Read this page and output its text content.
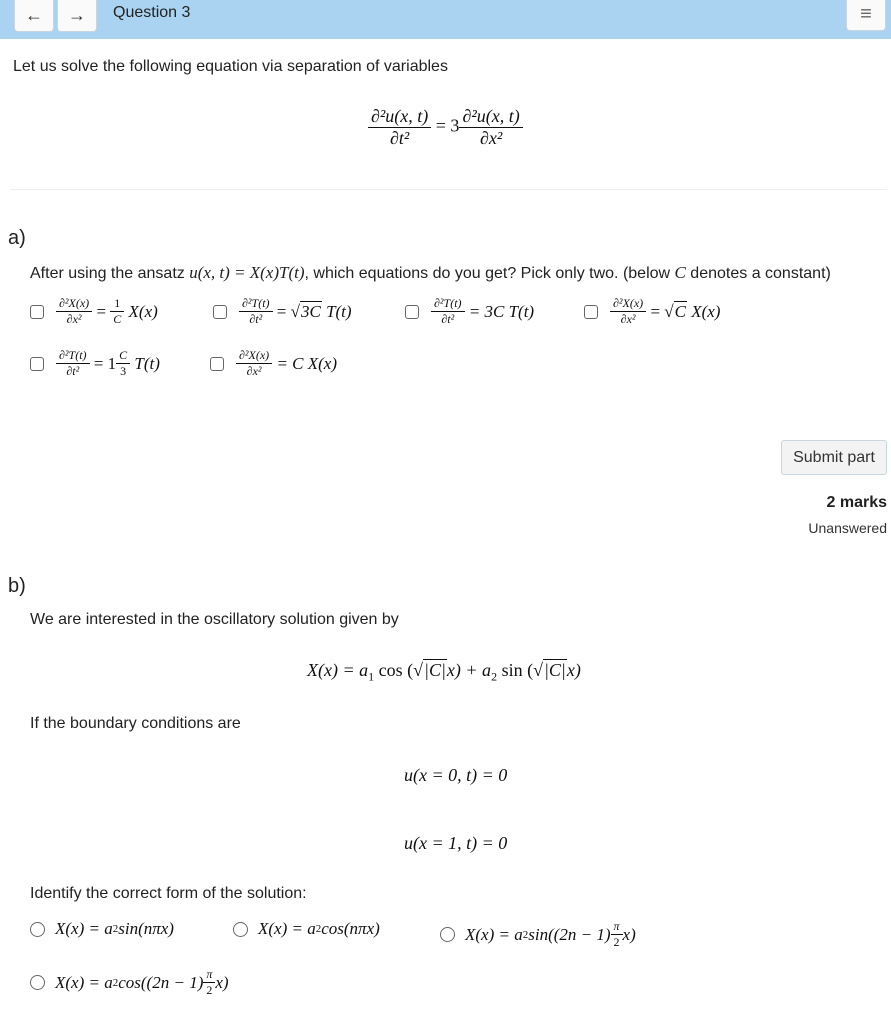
←	→	Question 3	≡
Let us solve the following equation via separation of variables
$\frac{\text{∂²u(x, t)}}{\text{∂t²}} = 3 \frac{\text{∂²u(x, t)}}{\text{∂x²}}$
a)
After using the ansatz u(x, t) = X(x)T(t), which equations do you get? Pick only two. (below C denotes a constant)
$\frac{\text{∂²X(x)}}{\text{∂x²}}$
=
$\frac{1}{C}$
X(x)	$\frac{\text{∂²T(t)}}{\text{∂t²}}$
=
√ 3C
T(t)	$\frac{\text{∂²T(t)}}{\text{∂t²}}$
= 3C T(t)	$\frac{\text{∂²X(x)}}{\text{∂x²}}$
=
√ C
X(x)
$\frac{\text{∂²T(t)}}{\text{∂t²}}$
= $1 \frac{C}{3}$
T(t)	$\frac{\text{∂²X(x)}}{\text{∂x²}}$
= C X(x)
Submit part
2 marks
Unanswered
b)
We are interested in the oscillatory solution given by
$X(x) = a_1$ $\cos (√|C|x) + a_2$ sin (√|C|x)
If the boundary conditions are
u(x = 0, t) = 0
u(x = 1, t) = 0
Identify the correct form of the solution:
X(x) = a 2 sin(nπx)	X(x) = a 2 cos(nπx)	X(x) = a 2 $\sin((2n - 1) \frac{\pi}{2} x)$
X(x) = a 2 $\cos((2n - 1) \frac{\pi}{2} x)$
